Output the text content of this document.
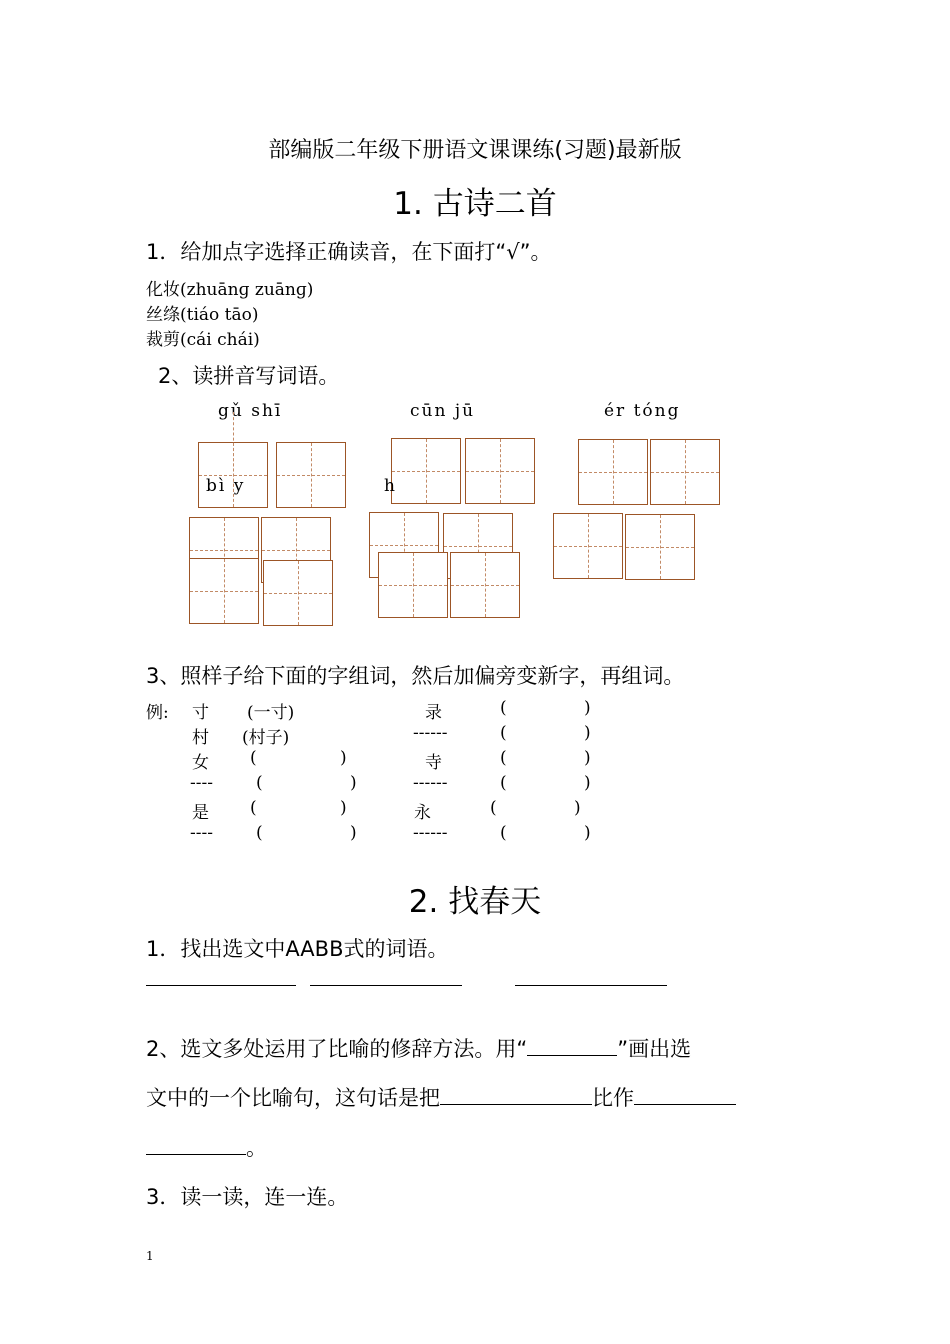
部编版二年级下册语文课课练(习题)最新版
1. 古诗二首
1．给加点字选择正确读音，在下面打“√”。
化妆(zhuānɡ zuānɡ)
丝绦(tiáo tāo)
裁剪(cái chái)
2、读拼音写词语。
gǔ shī	cūn jū	ér tóng
bì y	h
3、照样子给下面的字组词，然后加偏旁变新字，再组词。
例: 寸 (一寸)	录	(	)
村 (村子)	------	(	)
女 (	)	寺	(	)
----	(	)	------	(	)
是 (	)	永	(	)
----	(	)	------	(	)
2. 找春天
1．找出选文中AABB式的词语。
2、选文多处运用了比喻的修辞方法。用“	”画出选
文中的一个比喻句，这句话是把	比作
。
3．读一读，连一连。
1
